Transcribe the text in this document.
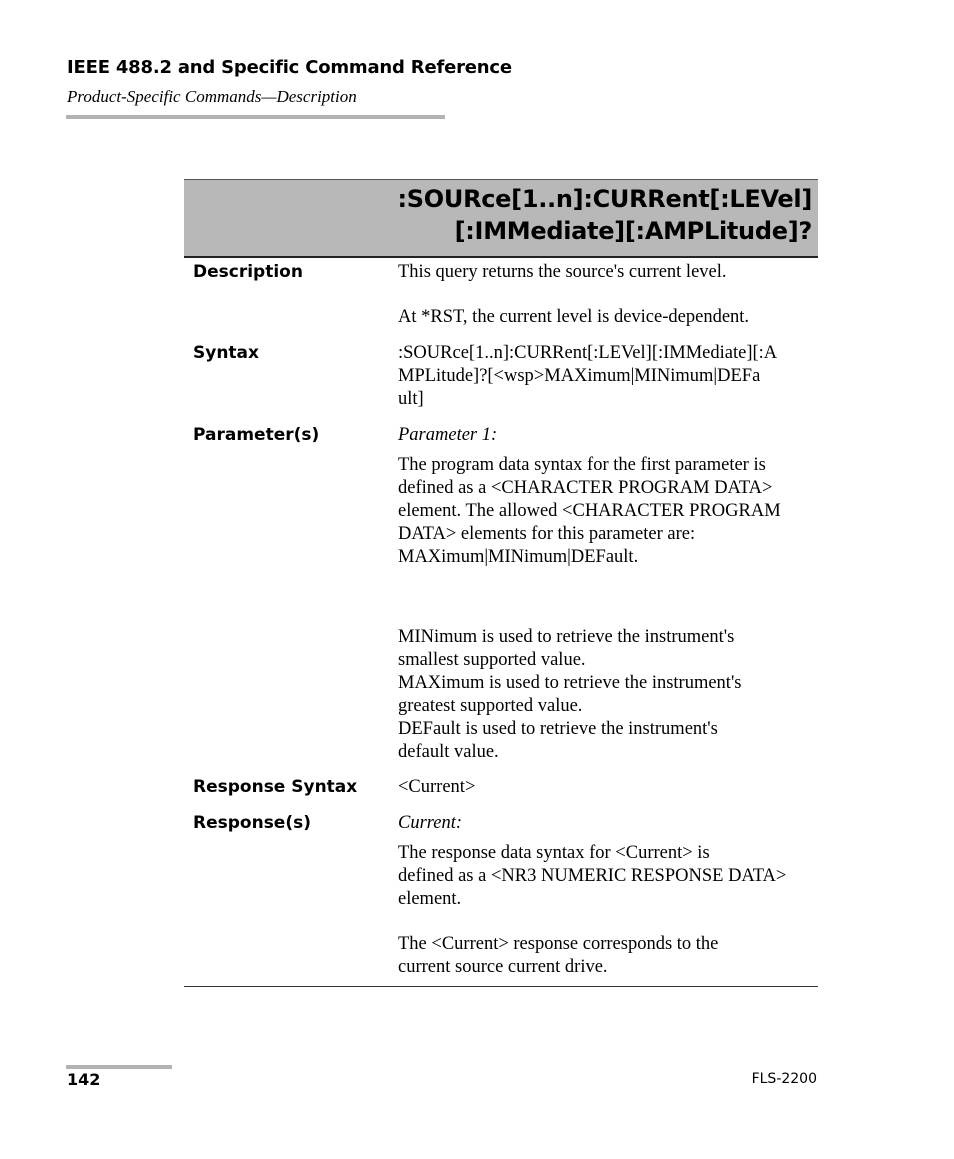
IEEE 488.2 and Specific Command Reference
Product-Specific Commands—Description
:SOURce[1..n]:CURRent[:LEVel]
[:IMMediate][:AMPLitude]?
Description	This query returns the source's current level.
At *RST, the current level is device-dependent.
Syntax	:SOURce[1..n]:CURRent[:LEVel][:IMMediate][:A
MPLitude]?[<wsp>MAXimum|MINimum|DEFa
ult]
Parameter(s)	Parameter 1:
The program data syntax for the first parameter is
defined as a <CHARACTER PROGRAM DATA>
element. The allowed <CHARACTER PROGRAM
DATA> elements for this parameter are:
MAXimum|MINimum|DEFault.
MINimum is used to retrieve the instrument's
smallest supported value.
MAXimum is used to retrieve the instrument's
greatest supported value.
DEFault is used to retrieve the instrument's
default value.
Response Syntax <Current>
Response(s)	Current:
The response data syntax for <Current> is
defined as a <NR3 NUMERIC RESPONSE DATA>
element.
The <Current> response corresponds to the
current source current drive.
142	FLS-2200
